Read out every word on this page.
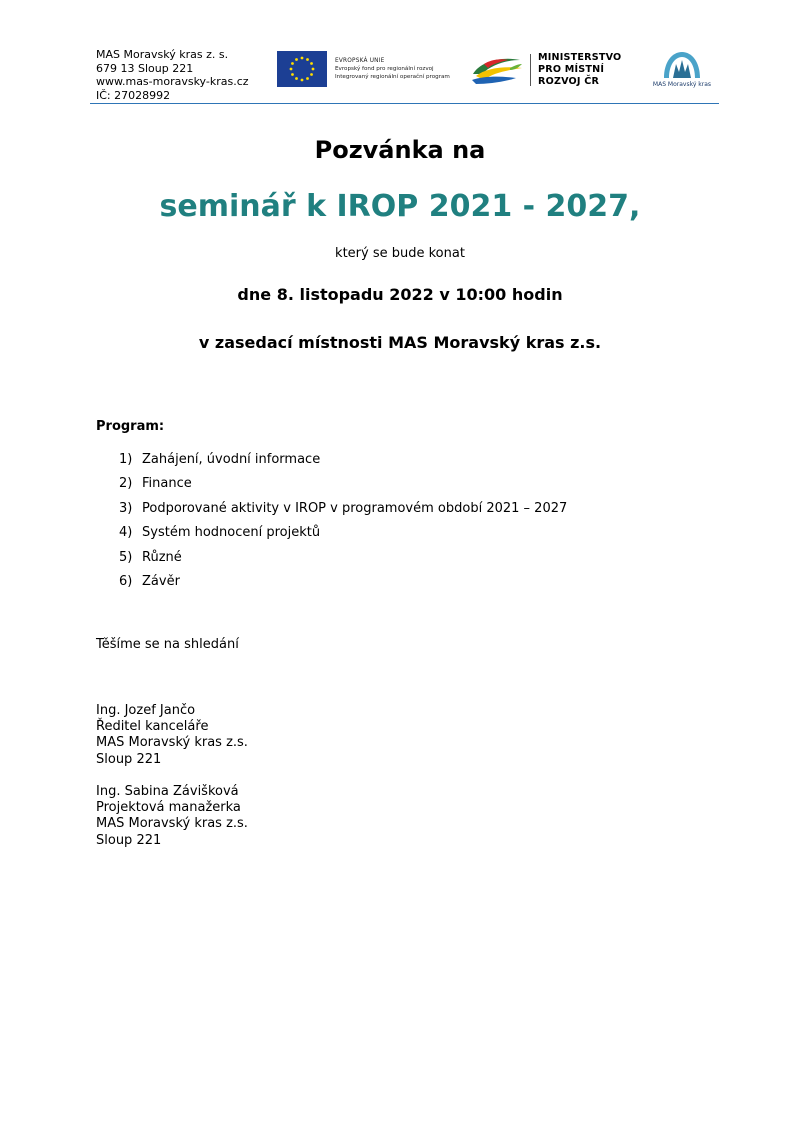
MAS Moravský kras z. s.
679 13 Sloup 221
www.mas-moravsky-kras.cz
IČ: 27028992
EVROPSKÁ UNIE
Evropský fond pro regionální rozvoj
Integrovaný regionální operační program
MINISTERSTVO
PRO MÍSTNÍ
ROZVOJ ČR	MAS Moravský kras
Pozvánka na
seminář k IROP 2021 - 2027,
který se bude konat
dne 8. listopadu 2022 v 10:00 hodin
v zasedací místnosti MAS Moravský kras z.s.
Program:
1) Zahájení, úvodní informace
2) Finance
3) Podporované aktivity v IROP v programovém období 2021 – 2027
4) Systém hodnocení projektů
5) Různé
6) Závěr
Těšíme se na shledání
Ing. Jozef Jančo
Ředitel kanceláře
MAS Moravský kras z.s.
Sloup 221
Ing. Sabina Závišková
Projektová manažerka
MAS Moravský kras z.s.
Sloup 221
